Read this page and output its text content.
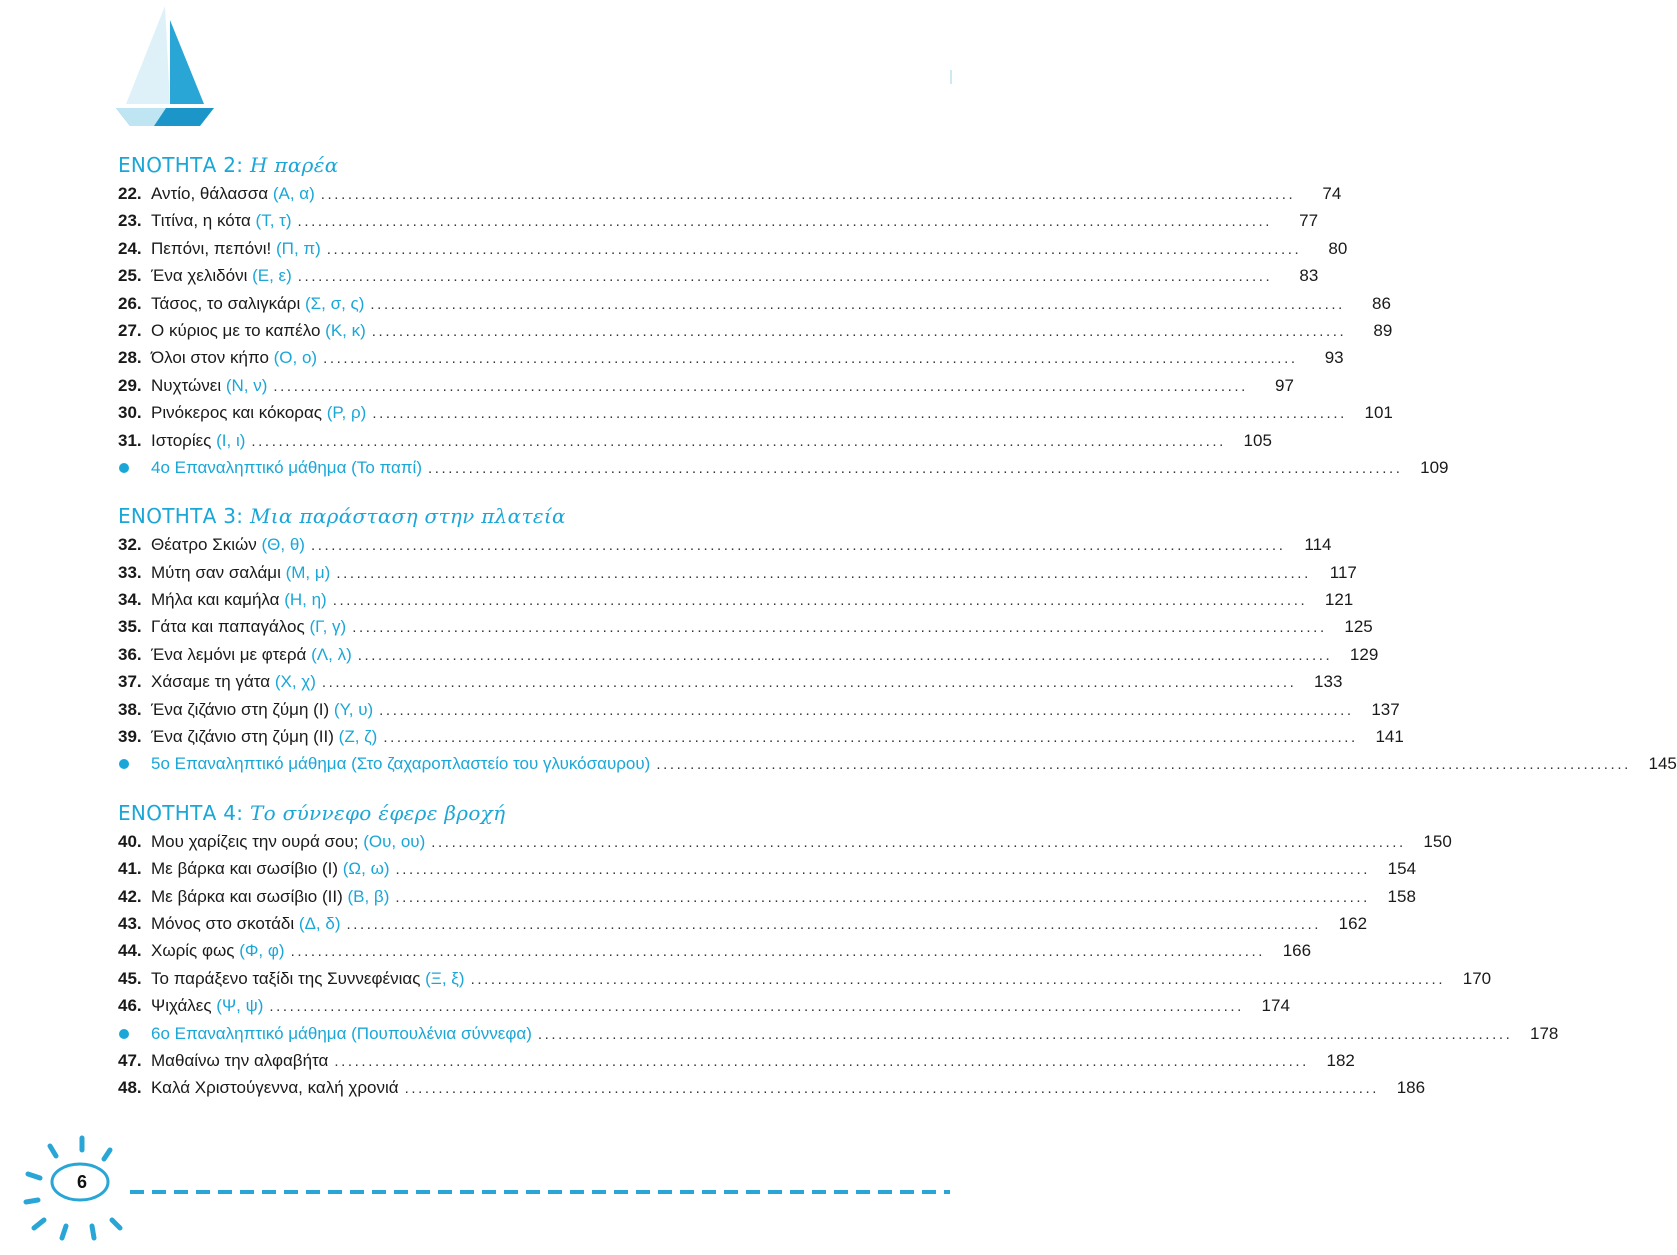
ΕΝΟΤΗΤΑ 2: Η παρέα
22. Αντίο, θάλασσα (Α, α) ................................................................................................................................................	74
23. Τιτίνα, η κότα (Τ, τ) ................................................................................................................................................	77
24. Πεπόνι, πεπόνι! (Π, π) ................................................................................................................................................	80
25. Ένα χελιδόνι (Ε, ε) ................................................................................................................................................	83
26. Τάσος, το σαλιγκάρι (Σ, σ, ς) ................................................................................................................................................	86
27. Ο κύριος με το καπέλο (Κ, κ) ................................................................................................................................................	89
28. Όλοι στον κήπο (Ο, ο) ................................................................................................................................................	93
29. Νυχτώνει (Ν, ν) ................................................................................................................................................	97
30. Ρινόκερος και κόκορας (Ρ, ρ) ................................................................................................................................................	101
31. Ιστορίες (Ι, ι) ................................................................................................................................................	105
4ο Επαναληπτικό μάθημα (Το παπί) ................................................................................................................................................	109
ΕΝΟΤΗΤΑ 3: Μια παράσταση στην πλατεία
32. Θέατρο Σκιών (Θ, θ) ................................................................................................................................................	114
33. Μύτη σαν σαλάμι (Μ, μ) ................................................................................................................................................	117
34. Μήλα και καμήλα (Η, η) ................................................................................................................................................	121
35. Γάτα και παπαγάλος (Γ, γ) ................................................................................................................................................	125
36. Ένα λεμόνι με φτερά (Λ, λ) ................................................................................................................................................	129
37. Χάσαμε τη γάτα (Χ, χ) ................................................................................................................................................	133
38. Ένα ζιζάνιο στη ζύμη (Ι) (Υ, υ) ................................................................................................................................................	137
39. Ένα ζιζάνιο στη ζύμη (ΙΙ) (Ζ, ζ) ................................................................................................................................................	141
5ο Επαναληπτικό μάθημα (Στο ζαχαροπλαστείο του γλυκόσαυρου) ................................................................................................................................................	145
ΕΝΟΤΗΤΑ 4: Το σύννεφο έφερε βροχή
40. Μου χαρίζεις την ουρά σου; (Ου, ου) ................................................................................................................................................	150
41. Με βάρκα και σωσίβιο (Ι) (Ω, ω) ................................................................................................................................................	154
42. Με βάρκα και σωσίβιο (ΙΙ) (Β, β) ................................................................................................................................................	158
43. Μόνος στο σκοτάδι (Δ, δ) ................................................................................................................................................	162
44. Χωρίς φως (Φ, φ) ................................................................................................................................................	166
45. Το παράξενο ταξίδι της Συννεφένιας (Ξ, ξ) ................................................................................................................................................	170
46. Ψιχάλες (Ψ, ψ) ................................................................................................................................................	174
6ο Επαναληπτικό μάθημα (Πουπουλένια σύννεφα) ................................................................................................................................................	178
47. Μαθαίνω την αλφαβήτα ................................................................................................................................................	182
48. Καλά Χριστούγεννα, καλή χρονιά ................................................................................................................................................	186
6
